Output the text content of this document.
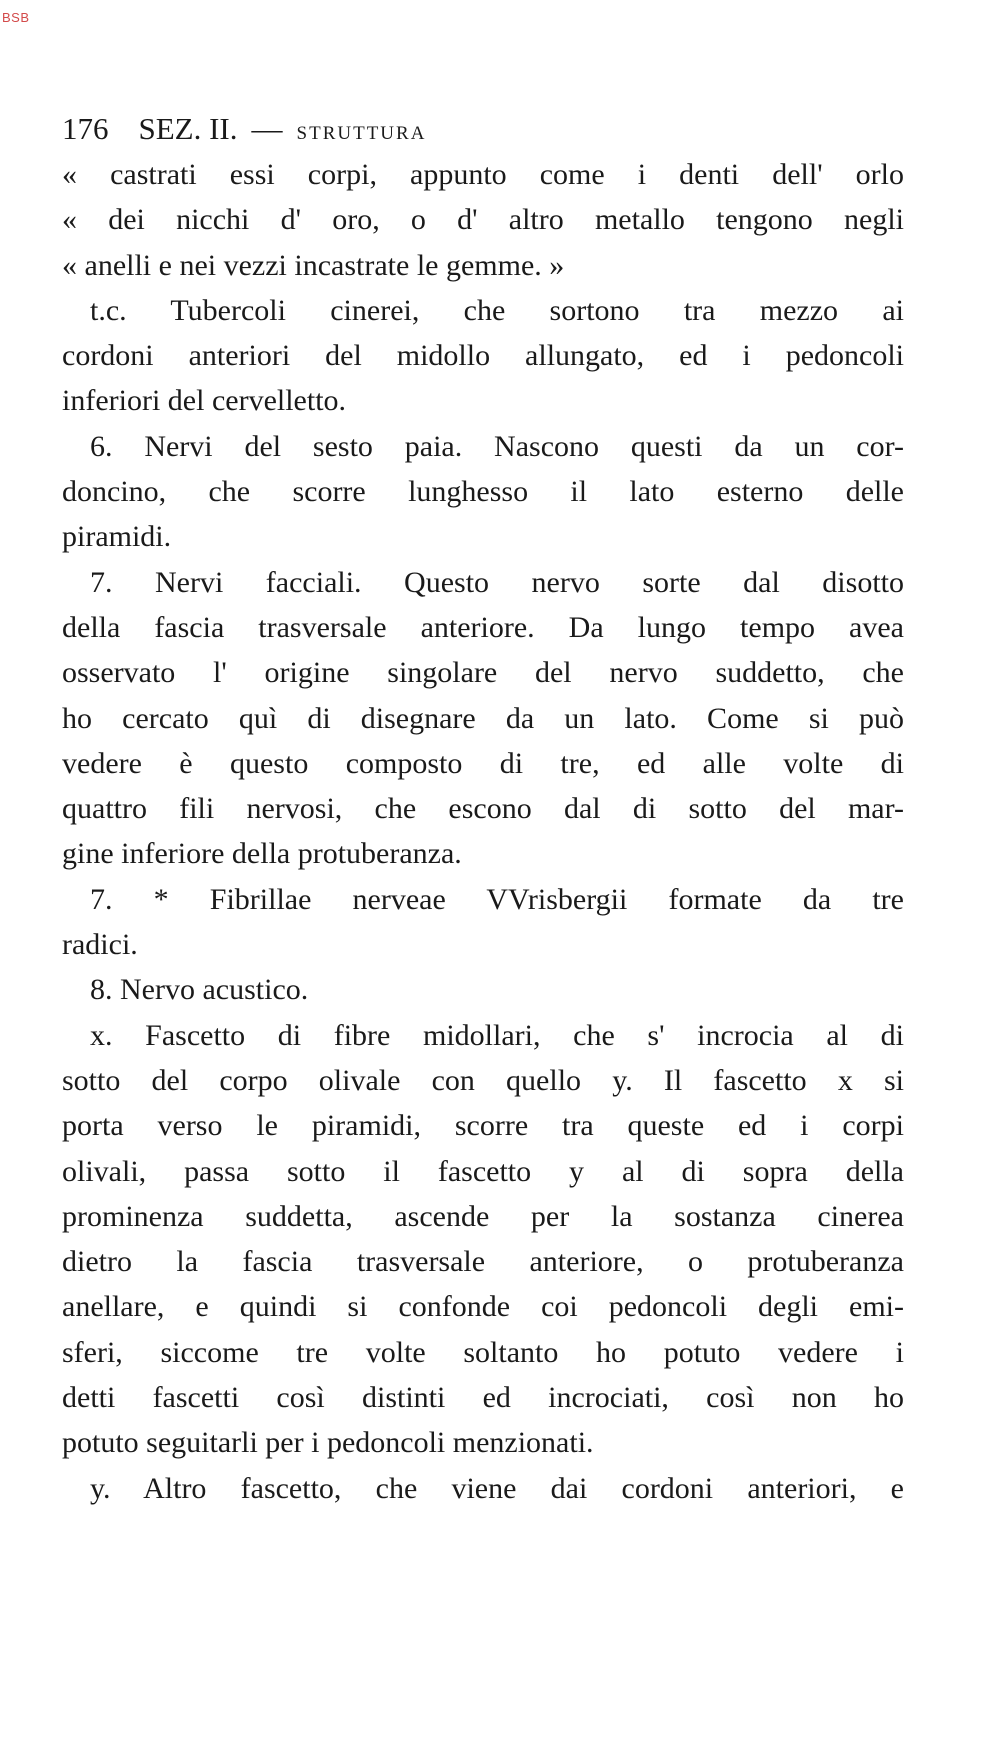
BSB
176 SEZ. II. — STRUTTURA
« castrati essi corpi, appunto come i denti dell' orlo
« dei nicchi d' oro, o d' altro metallo tengono negli
« anelli e nei vezzi incastrate le gemme. »
t.c. Tubercoli cinerei, che sortono tra mezzo ai
cordoni anteriori del midollo allungato, ed i pedoncoli
inferiori del cervelletto.
6. Nervi del sesto paia. Nascono questi da un cor-
doncino, che scorre lunghesso il lato esterno delle
piramidi.
7. Nervi facciali. Questo nervo sorte dal disotto
della fascia trasversale anteriore. Da lungo tempo avea
osservato l' origine singolare del nervo suddetto, che
ho cercato quì di disegnare da un lato. Come si può
vedere è questo composto di tre, ed alle volte di
quattro fili nervosi, che escono dal di sotto del mar-
gine inferiore della protuberanza.
7. * Fibrillae nerveae VVrisbergii formate da tre
radici.
8. Nervo acustico.
x. Fascetto di fibre midollari, che s' incrocia al di
sotto del corpo olivale con quello y. Il fascetto x si
porta verso le piramidi, scorre tra queste ed i corpi
olivali, passa sotto il fascetto y al di sopra della
prominenza suddetta, ascende per la sostanza cinerea
dietro la fascia trasversale anteriore, o protuberanza
anellare, e quindi si confonde coi pedoncoli degli emi-
sferi, siccome tre volte soltanto ho potuto vedere i
detti fascetti così distinti ed incrociati, così non ho
potuto seguitarli per i pedoncoli menzionati.
y. Altro fascetto, che viene dai cordoni anteriori, e
